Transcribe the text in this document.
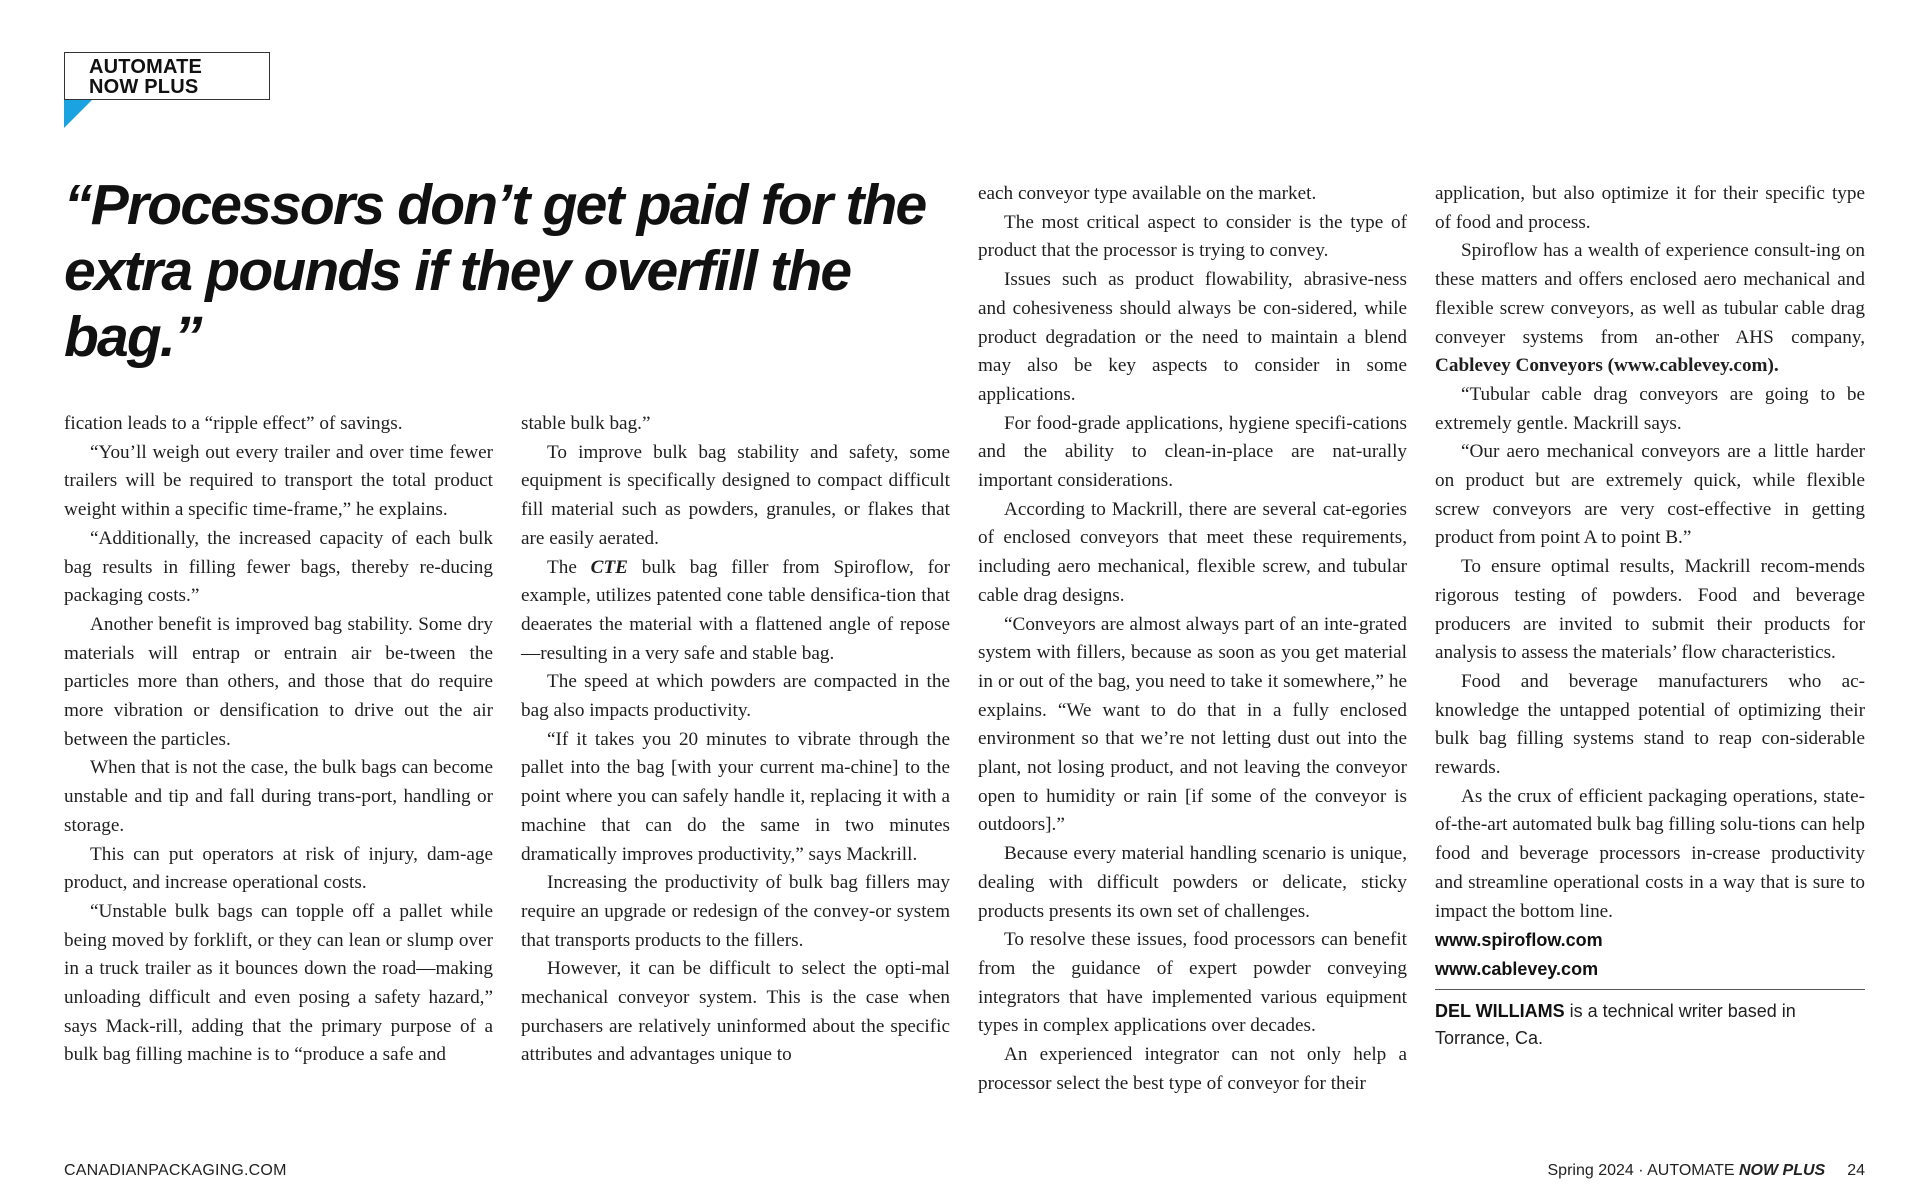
AUTOMATE
NOW PLUS
“Processors don’t get paid for the extra pounds if they overfill the bag.”

fication leads to a “ripple effect” of savings.

“You’ll weigh out every trailer and over time fewer trailers will be required to transport the total product weight within a specific time-frame,” he explains.

“Additionally, the increased capacity of each bulk bag results in filling fewer bags, thereby re-ducing packaging costs.”

Another benefit is improved bag stability. Some dry materials will entrap or entrain air be-tween the particles more than others, and those that do require more vibration or densification to drive out the air between the particles.

When that is not the case, the bulk bags can become unstable and tip and fall during trans-port, handling or storage.

This can put operators at risk of injury, dam-age product, and increase operational costs.

“Unstable bulk bags can topple off a pallet while being moved by forklift, or they can lean or slump over in a truck trailer as it bounces down the road—making unloading difficult and even posing a safety hazard,” says Mack-rill, adding that the primary purpose of a bulk bag filling machine is to “produce a safe and

stable bulk bag.”

To improve bulk bag stability and safety, some equipment is specifically designed to compact difficult fill material such as powders, granules, or flakes that are easily aerated.

The CTE bulk bag filler from Spiroflow, for example, utilizes patented cone table densifica-tion that deaerates the material with a flattened angle of repose—resulting in a very safe and stable bag.

The speed at which powders are compacted in the bag also impacts productivity.

“If it takes you 20 minutes to vibrate through the pallet into the bag [with your current ma-chine] to the point where you can safely handle it, replacing it with a machine that can do the same in two minutes dramatically improves productivity,” says Mackrill.

Increasing the productivity of bulk bag fillers may require an upgrade or redesign of the convey-or system that transports products to the fillers.

However, it can be difficult to select the opti-mal mechanical conveyor system. This is the case when purchasers are relatively uninformed about the specific attributes and advantages unique to

each conveyor type available on the market.

The most critical aspect to consider is the type of product that the processor is trying to convey.

Issues such as product flowability, abrasive-ness and cohesiveness should always be con-sidered, while product degradation or the need to maintain a blend may also be key aspects to consider in some applications.

For food-grade applications, hygiene specifi-cations and the ability to clean-in-place are nat-urally important considerations.

According to Mackrill, there are several cat-egories of enclosed conveyors that meet these requirements, including aero mechanical, flexible screw, and tubular cable drag designs.

“Conveyors are almost always part of an inte-grated system with fillers, because as soon as you get material in or out of the bag, you need to take it somewhere,” he explains. “We want to do that in a fully enclosed environment so that we’re not letting dust out into the plant, not losing product, and not leaving the conveyor open to humidity or rain [if some of the conveyor is outdoors].”

Because every material handling scenario is unique, dealing with difficult powders or delicate, sticky products presents its own set of challenges.

To resolve these issues, food processors can benefit from the guidance of expert powder conveying integrators that have implemented various equipment types in complex applications over decades.

An experienced integrator can not only help a processor select the best type of conveyor for their

application, but also optimize it for their specific type of food and process.

Spiroflow has a wealth of experience consult-ing on these matters and offers enclosed aero mechanical and flexible screw conveyors, as well as tubular cable drag conveyer systems from an-other AHS company, Cablevey Conveyors (www.cablevey.com).

“Tubular cable drag conveyors are going to be extremely gentle. Mackrill says.

“Our aero mechanical conveyors are a little harder on product but are extremely quick, while flexible screw conveyors are very cost-effective in getting product from point A to point B.”

To ensure optimal results, Mackrill recom-mends rigorous testing of powders. Food and beverage producers are invited to submit their products for analysis to assess the materials’ flow characteristics.

Food and beverage manufacturers who ac-knowledge the untapped potential of optimizing their bulk bag filling systems stand to reap con-siderable rewards.

As the crux of efficient packaging operations, state-of-the-art automated bulk bag filling solu-tions can help food and beverage processors in-crease productivity and streamline operational costs in a way that is sure to impact the bottom line.

www.spiroflow.com
www.cablevey.com

DEL WILLIAMS is a technical writer based in Torrance, Ca.

CANADIANPACKAGING.COM	Spring 2024 · AUTOMATE NOW PLUS 24
